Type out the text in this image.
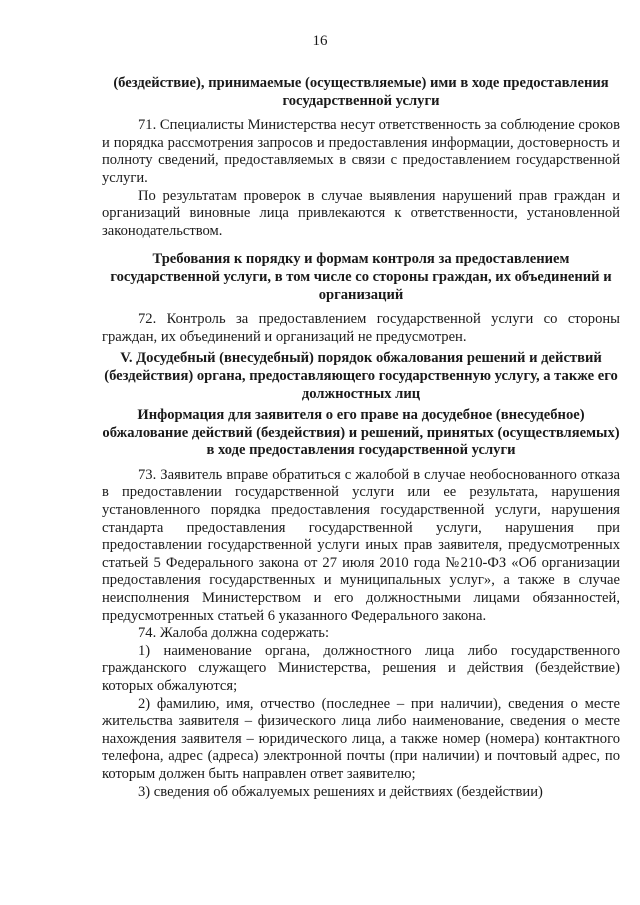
16

(бездействие), принимаемые (осуществляемые) ими в ходе предоставления государственной услуги

71. Специалисты Министерства несут ответственность за соблюдение сроков и порядка рассмотрения запросов и предоставления информации, достоверность и полноту сведений, предоставляемых в связи с предоставлением государственной услуги.

По результатам проверок в случае выявления нарушений прав граждан и организаций виновные лица привлекаются к ответственности, установленной законодательством.

Требования к порядку и формам контроля за предоставлением государственной услуги, в том числе со стороны граждан, их объединений и организаций

72. Контроль за предоставлением государственной услуги со стороны граждан, их объединений и организаций не предусмотрен.

V. Досудебный (внесудебный) порядок обжалования решений и действий (бездействия) органа, предоставляющего государственную услугу, а также его должностных лиц

Информация для заявителя о его праве на досудебное (внесудебное) обжалование действий (бездействия) и решений, принятых (осуществляемых) в ходе предоставления государственной услуги

73. Заявитель вправе обратиться с жалобой в случае необоснованного отказа в предоставлении государственной услуги или ее результата, нарушения установленного порядка предоставления государственной услуги, нарушения стандарта предоставления государственной услуги, нарушения при предоставлении государственной услуги иных прав заявителя, предусмотренных статьей 5 Федерального закона от 27 июля 2010 года №210-ФЗ «Об организации предоставления государственных и муниципальных услуг», а также в случае неисполнения Министерством и его должностными лицами обязанностей, предусмотренных статьей 6 указанного Федерального закона.

74. Жалоба должна содержать:

1) наименование органа, должностного лица либо государственного гражданского служащего Министерства, решения и действия (бездействие) которых обжалуются;

2) фамилию, имя, отчество (последнее – при наличии), сведения о месте жительства заявителя – физического лица либо наименование, сведения о месте нахождения заявителя – юридического лица, а также номер (номера) контактного телефона, адрес (адреса) электронной почты (при наличии) и почтовый адрес, по которым должен быть направлен ответ заявителю;

3) сведения об обжалуемых решениях и действиях (бездействии)
